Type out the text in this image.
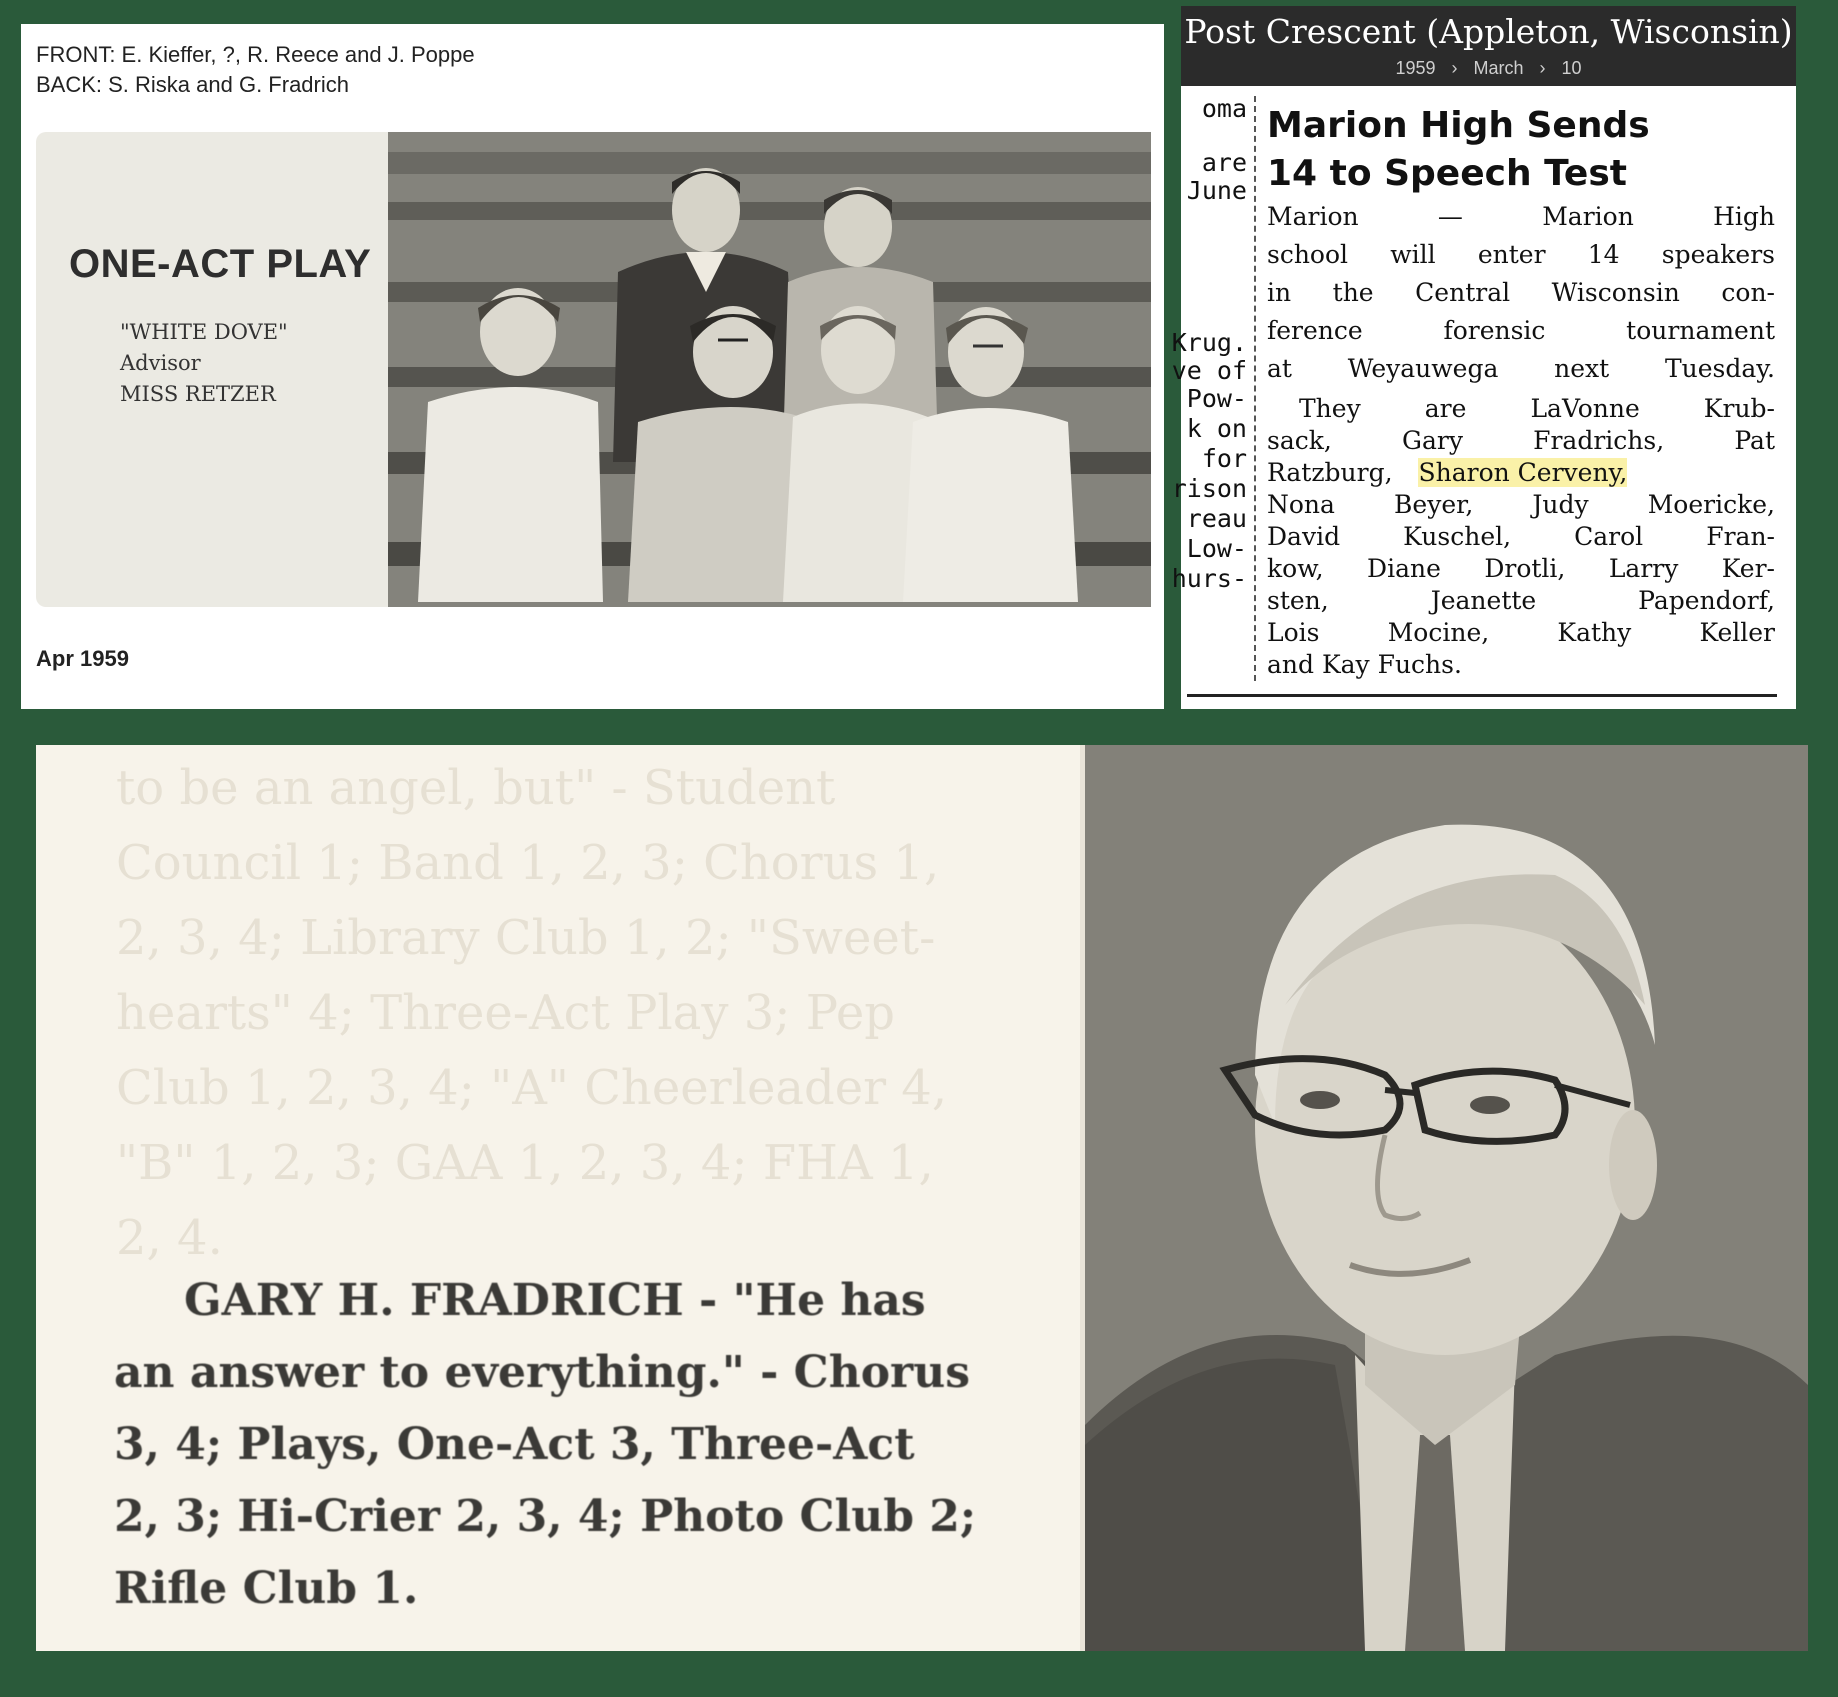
FRONT: E. Kieffer, ?, R. Reece and J. Poppe
BACK: S. Riska and G. Fradrich
ONE-ACT PLAY
"WHITE DOVE"
Advisor
MISS RETZER
Apr 1959
Post Crescent (Appleton, Wisconsin)
1959 › March › 10
oma
are
June
Krug.
ve of
Pow-
k on
for
rison
reau
Low-
hurs-
Marion High Sends
14 to Speech Test
Marion — Marion High
school will enter 14 speakers
in the Central Wisconsin con-
ference forensic tournament
at Weyauwega next Tuesday.
They are LaVonne Krub-
sack, Gary Fradrichs, Pat
Ratzburg, Sharon Cerveny,
Nona Beyer, Judy Moericke,
David Kuschel, Carol Fran-
kow, Diane Drotli, Larry Ker-
sten, Jeanette Papendorf,
Lois Mocine, Kathy Keller
and Kay Fuchs.
to be an angel, but" - Student
Council 1; Band 1, 2, 3; Chorus 1,
2, 3, 4; Library Club 1, 2; "Sweet-
hearts" 4; Three-Act Play 3; Pep
Club 1, 2, 3, 4; "A" Cheerleader 4,
"B" 1, 2, 3; GAA 1, 2, 3, 4; FHA 1,
2, 4.
GARY H. FRADRICH - "He has
an answer to everything." - Chorus
3, 4; Plays, One-Act 3, Three-Act
2, 3; Hi-Crier 2, 3, 4; Photo Club 2;
Rifle Club 1.
